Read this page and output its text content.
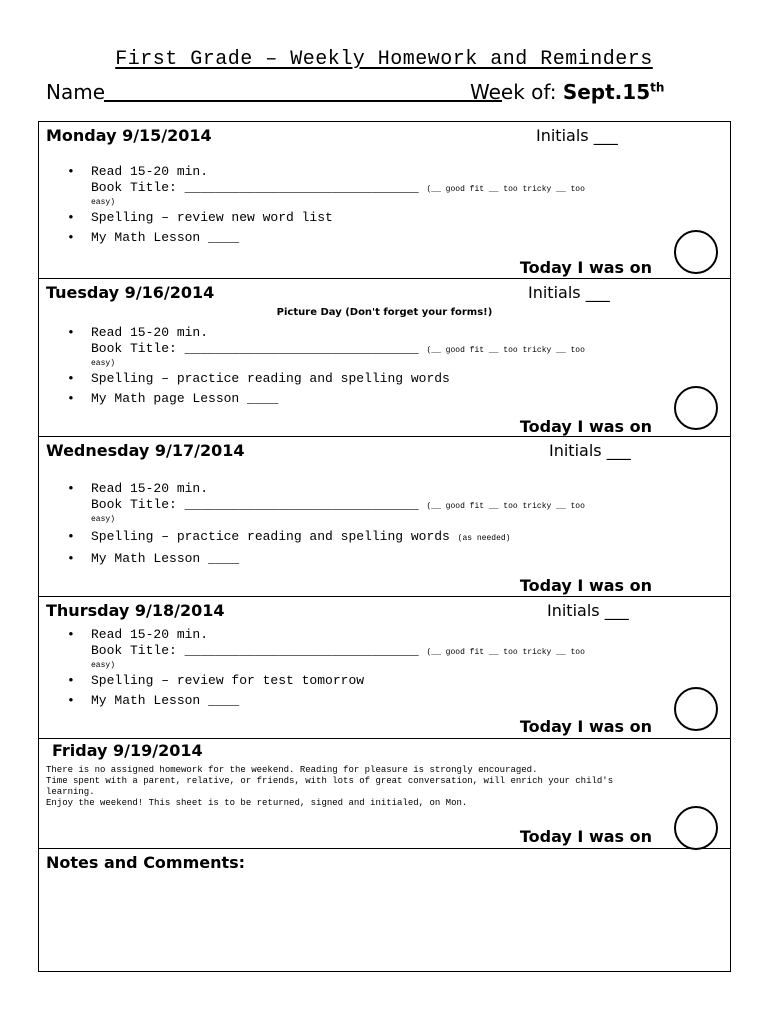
First Grade – Weekly Homework and Reminders
Name	Week of: Sept.15th
Monday 9/15/2014	Initials ___
• Read 15-20 min.
Book Title: ______________________________ (__ good fit __ too tricky __ too
easy)
• Spelling – review new word list
• My Math Lesson ____
Today I was on
Tuesday 9/16/2014	Initials ___
Picture Day (Don't forget your forms!)
• Read 15-20 min.
Book Title: ______________________________ (__ good fit __ too tricky __ too
easy)
• Spelling – practice reading and spelling words
• My Math page Lesson ____
Today I was on
Wednesday 9/17/2014	Initials ___
• Read 15-20 min.
Book Title: ______________________________ (__ good fit __ too tricky __ too
easy)
• Spelling – practice reading and spelling words (as needed)
• My Math Lesson ____
Today I was on
Thursday 9/18/2014	Initials ___
• Read 15-20 min.
Book Title: ______________________________ (__ good fit __ too tricky __ too
easy)
• Spelling – review for test tomorrow
• My Math Lesson ____
Today I was on
Friday 9/19/2014
There is no assigned homework for the weekend. Reading for pleasure is strongly encouraged.
Time spent with a parent, relative, or friends, with lots of great conversation, will enrich your child's
learning.
Enjoy the weekend! This sheet is to be returned, signed and initialed, on Mon.
Today I was on
Notes and Comments:
